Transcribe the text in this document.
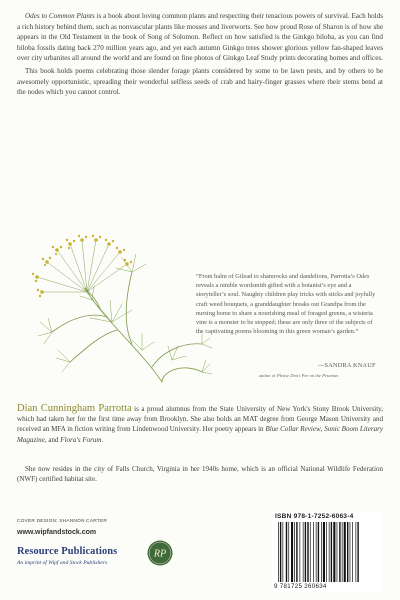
Odes to Common Plants is a book about loving common plants and respecting their tenacious powers of survival. Each holds a rich history behind them, such as nonvascular plants like mosses and liverworts. See how proud Rose of Sharon is of how she appears in the Old Testament in the book of Song of Solomon. Reflect on how satisfied is the Ginkgo biloba, as you can find biloba fossils dating back 270 million years ago, and yet each autumn Ginkgo trees shower glorious yellow fan-shaped leaves over city urbanites all around the world and are found on fine photos of Ginkgo Leaf Study prints decorating homes and offices.

This book holds poems celebrating those slender forage plants considered by some to be lawn pests, and by others to be awesomely opportunistic, spreading their wonderful selfless seeds of crab and hairy-finger grasses where their stems bend at the nodes which you cannot control.

“From balm of Gilead to shamrocks and dandelions, Parrotta’s Odes reveals a nimble wordsmith gifted with a botanist’s eye and a storyteller’s soul. Naughty children play tricks with sticks and joyfully craft weed bouquets, a granddaughter breaks out Grandpa from the nursing home to share a nourishing meal of foraged greens, a wisteria vine is a monster to be stopped; these are only three of the subjects of the captivating poems blooming in this green woman’s garden.”
—SANDRA KNAUF
author of Please Don't Pee on the Petunias
Dian Cunningham Parrotta is a proud alumnus from the State University of New York's Stony Brook University, which had taken her for the first time away from Brooklyn. She also holds an MAT degree from George Mason University and received an MFA in fiction writing from Lindenwood University. Her poetry appears in Blue Collar Review, Sonic Boom Literary Magazine, and Flora's Forum.
She now resides in the city of Falls Church, Virginia in her 1940s home, which is an official National Wildlife Federation (NWF) certified habitat site.
COVER DESIGN: SHANNON CARTER
www.wipfandstock.com
Resource Publications
An imprint of Wipf and Stock Publishers
RP
ISBN 978-1-7252-6063-4
9 781725 260634
